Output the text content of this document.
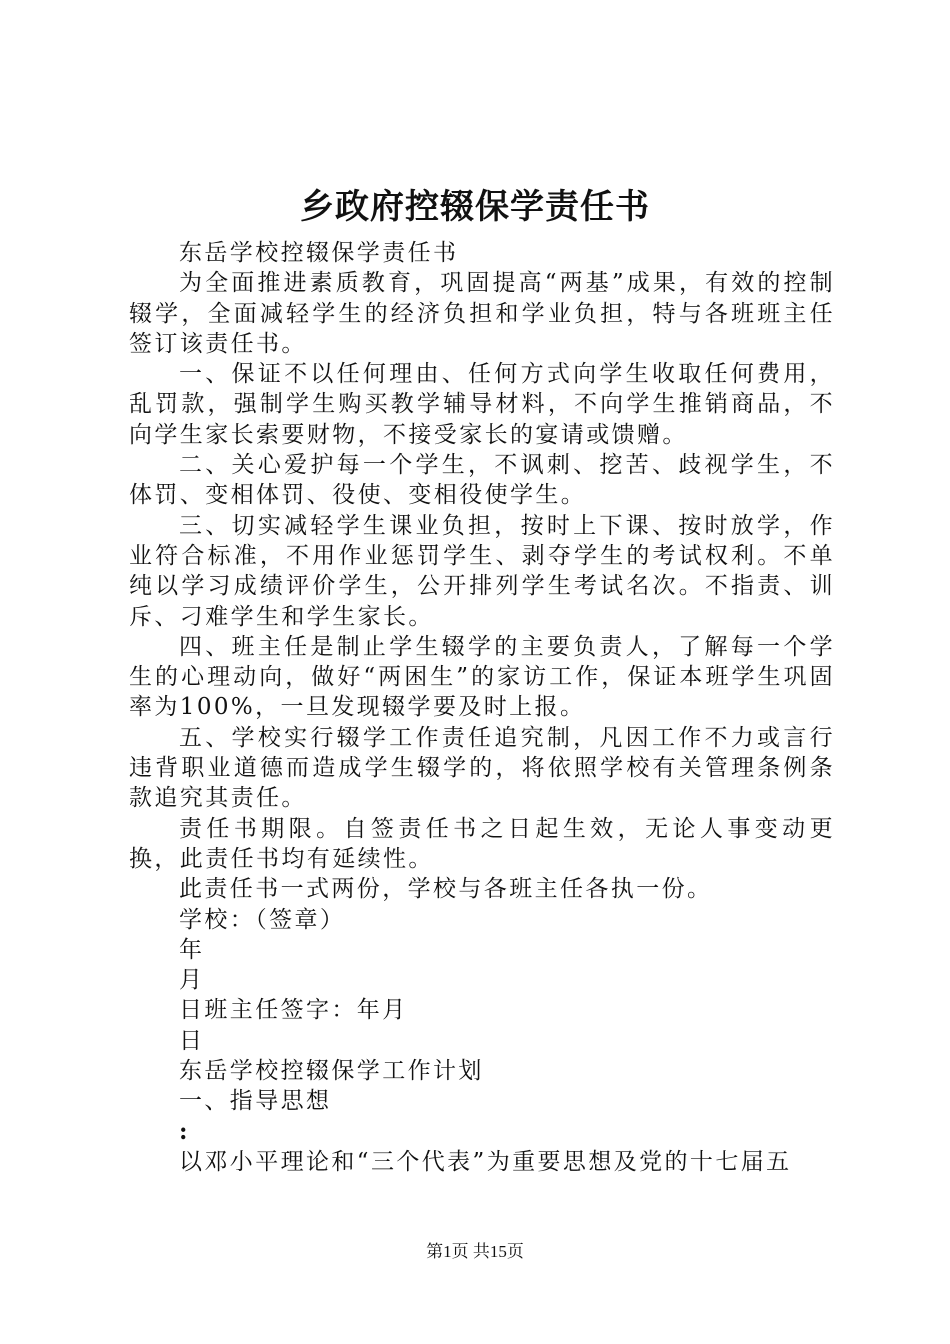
乡政府控辍保学责任书

东岳学校控辍保学责任书

为全面推进素质教育，巩固提高“两基”成果，有效的控制辍学，全面减轻学生的经济负担和学业负担，特与各班班主任签订该责任书。

一、保证不以任何理由、任何方式向学生收取任何费用，乱罚款，强制学生购买教学辅导材料，不向学生推销商品，不向学生家长索要财物，不接受家长的宴请或馈赠。

二、关心爱护每一个学生，不讽刺、挖苦、歧视学生，不体罚、变相体罚、役使、变相役使学生。

三、切实减轻学生课业负担，按时上下课、按时放学，作业符合标准，不用作业惩罚学生、剥夺学生的考试权利。不单纯以学习成绩评价学生，公开排列学生考试名次。不指责、训斥、刁难学生和学生家长。

四、班主任是制止学生辍学的主要负责人，了解每一个学生的心理动向，做好“两困生”的家访工作，保证本班学生巩固率为100%，一旦发现辍学要及时上报。

五、学校实行辍学工作责任追究制，凡因工作不力或言行违背职业道德而造成学生辍学的，将依照学校有关管理条例条款追究其责任。

责任书期限。自签责任书之日起生效，无论人事变动更换，此责任书均有延续性。

此责任书一式两份，学校与各班主任各执一份。

学校：（签章）

年

月

日班主任签字：年月

日

东岳学校控辍保学工作计划

一、指导思想

:

以邓小平理论和“三个代表”为重要思想及党的十七届五

第1页 共15页
